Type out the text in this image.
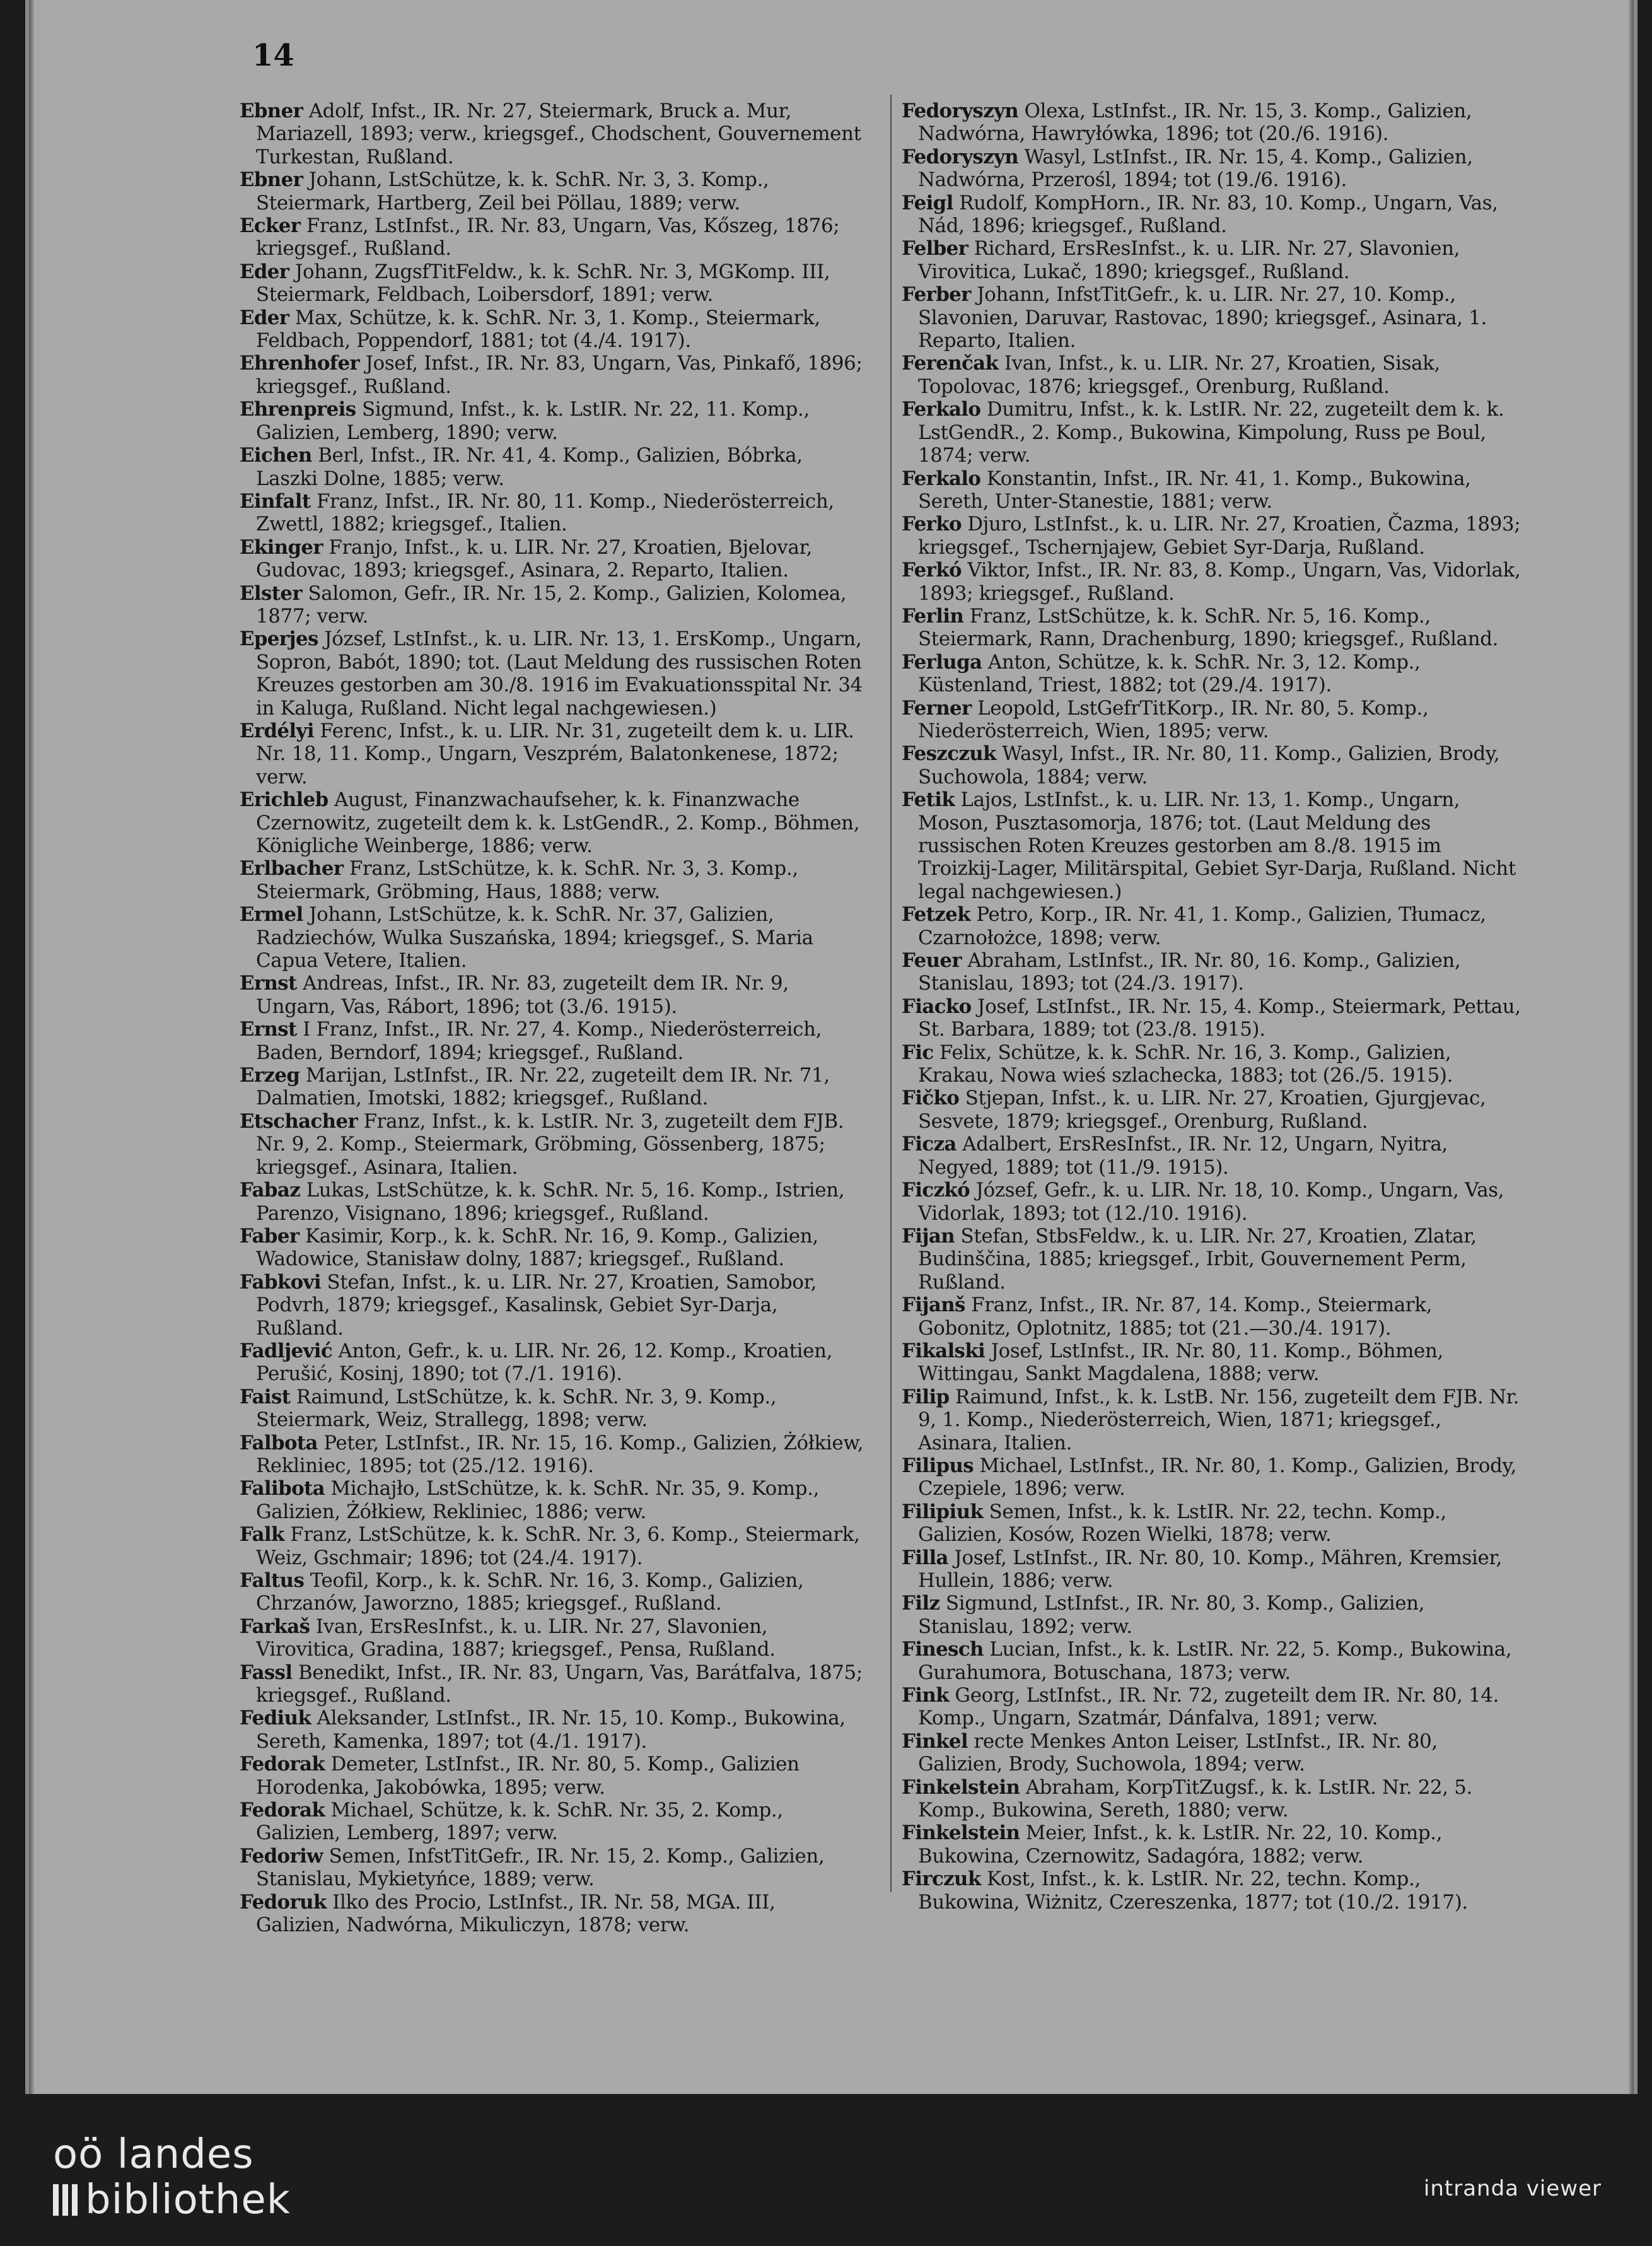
14

Ebner Adolf, Infst., IR. Nr. 27, Steiermark, Bruck a. Mur, Mariazell, 1893; verw., kriegsgef., Chodschent, Gouvernement Turkestan, Rußland.

Ebner Johann, LstSchütze, k. k. SchR. Nr. 3, 3. Komp., Steiermark, Hartberg, Zeil bei Pöllau, 1889; verw.

Ecker Franz, LstInfst., IR. Nr. 83, Ungarn, Vas, Kőszeg, 1876; kriegsgef., Rußland.

Eder Johann, ZugsfTitFeldw., k. k. SchR. Nr. 3, MGKomp. III, Steiermark, Feldbach, Loibersdorf, 1891; verw.

Eder Max, Schütze, k. k. SchR. Nr. 3, 1. Komp., Steiermark, Feldbach, Poppendorf, 1881; tot (4./4. 1917).

Ehrenhofer Josef, Infst., IR. Nr. 83, Ungarn, Vas, Pinkafő, 1896; kriegsgef., Rußland.

Ehrenpreis Sigmund, Infst., k. k. LstIR. Nr. 22, 11. Komp., Galizien, Lemberg, 1890; verw.

Eichen Berl, Infst., IR. Nr. 41, 4. Komp., Galizien, Bóbrka, Laszki Dolne, 1885; verw.

Einfalt Franz, Infst., IR. Nr. 80, 11. Komp., Niederösterreich, Zwettl, 1882; kriegsgef., Italien.

Ekinger Franjo, Infst., k. u. LIR. Nr. 27, Kroatien, Bjelovar, Gudovac, 1893; kriegsgef., Asinara, 2. Reparto, Italien.

Elster Salomon, Gefr., IR. Nr. 15, 2. Komp., Galizien, Kolomea, 1877; verw.

Eperjes József, LstInfst., k. u. LIR. Nr. 13, 1. ErsKomp., Ungarn, Sopron, Babót, 1890; tot. (Laut Meldung des russischen Roten Kreuzes gestorben am 30./8. 1916 im Evakuationsspital Nr. 34 in Kaluga, Rußland. Nicht legal nachgewiesen.)

Erdélyi Ferenc, Infst., k. u. LIR. Nr. 31, zugeteilt dem k. u. LIR. Nr. 18, 11. Komp., Ungarn, Veszprém, Balatonkenese, 1872; verw.

Erichleb August, Finanzwachaufseher, k. k. Finanzwache Czernowitz, zugeteilt dem k. k. LstGendR., 2. Komp., Böhmen, Königliche Weinberge, 1886; verw.

Erlbacher Franz, LstSchütze, k. k. SchR. Nr. 3, 3. Komp., Steiermark, Gröbming, Haus, 1888; verw.

Ermel Johann, LstSchütze, k. k. SchR. Nr. 37, Galizien, Radziechów, Wulka Suszańska, 1894; kriegsgef., S. Maria Capua Vetere, Italien.

Ernst Andreas, Infst., IR. Nr. 83, zugeteilt dem IR. Nr. 9, Ungarn, Vas, Rábort, 1896; tot (3./6. 1915).

Ernst I Franz, Infst., IR. Nr. 27, 4. Komp., Niederösterreich, Baden, Berndorf, 1894; kriegsgef., Rußland.

Erzeg Marijan, LstInfst., IR. Nr. 22, zugeteilt dem IR. Nr. 71, Dalmatien, Imotski, 1882; kriegsgef., Rußland.

Etschacher Franz, Infst., k. k. LstIR. Nr. 3, zugeteilt dem FJB. Nr. 9, 2. Komp., Steiermark, Gröbming, Gössenberg, 1875; kriegsgef., Asinara, Italien.

Fabaz Lukas, LstSchütze, k. k. SchR. Nr. 5, 16. Komp., Istrien, Parenzo, Visignano, 1896; kriegsgef., Rußland.

Faber Kasimir, Korp., k. k. SchR. Nr. 16, 9. Komp., Galizien, Wadowice, Stanisław dolny, 1887; kriegsgef., Rußland.

Fabkovi Stefan, Infst., k. u. LIR. Nr. 27, Kroatien, Samobor, Podvrh, 1879; kriegsgef., Kasalinsk, Gebiet Syr-Darja, Rußland.

Fadljević Anton, Gefr., k. u. LIR. Nr. 26, 12. Komp., Kroatien, Perušić, Kosinj, 1890; tot (7./1. 1916).

Faist Raimund, LstSchütze, k. k. SchR. Nr. 3, 9. Komp., Steiermark, Weiz, Strallegg, 1898; verw.

Falbota Peter, LstInfst., IR. Nr. 15, 16. Komp., Galizien, Żółkiew, Rekliniec, 1895; tot (25./12. 1916).

Falibota Michajło, LstSchütze, k. k. SchR. Nr. 35, 9. Komp., Galizien, Żółkiew, Rekliniec, 1886; verw.

Falk Franz, LstSchütze, k. k. SchR. Nr. 3, 6. Komp., Steiermark, Weiz, Gschmair; 1896; tot (24./4. 1917).

Faltus Teofil, Korp., k. k. SchR. Nr. 16, 3. Komp., Galizien, Chrzanów, Jaworzno, 1885; kriegsgef., Rußland.

Farkaš Ivan, ErsResInfst., k. u. LIR. Nr. 27, Slavonien, Virovitica, Gradina, 1887; kriegsgef., Pensa, Rußland.

Fassl Benedikt, Infst., IR. Nr. 83, Ungarn, Vas, Barátfalva, 1875; kriegsgef., Rußland.

Fediuk Aleksander, LstInfst., IR. Nr. 15, 10. Komp., Bukowina, Sereth, Kamenka, 1897; tot (4./1. 1917).

Fedorak Demeter, LstInfst., IR. Nr. 80, 5. Komp., Galizien Horodenka, Jakobówka, 1895; verw.

Fedorak Michael, Schütze, k. k. SchR. Nr. 35, 2. Komp., Galizien, Lemberg, 1897; verw.

Fedoriw Semen, InfstTitGefr., IR. Nr. 15, 2. Komp., Galizien, Stanislau, Mykietyńce, 1889; verw.

Fedoruk Ilko des Procio, LstInfst., IR. Nr. 58, MGA. III, Galizien, Nadwórna, Mikuliczyn, 1878; verw.

Fedoryszyn Olexa, LstInfst., IR. Nr. 15, 3. Komp., Galizien, Nadwórna, Hawryłówka, 1896; tot (20./6. 1916).

Fedoryszyn Wasyl, LstInfst., IR. Nr. 15, 4. Komp., Galizien, Nadwórna, Przerośl, 1894; tot (19./6. 1916).

Feigl Rudolf, KompHorn., IR. Nr. 83, 10. Komp., Ungarn, Vas, Nád, 1896; kriegsgef., Rußland.

Felber Richard, ErsResInfst., k. u. LIR. Nr. 27, Slavonien, Virovitica, Lukač, 1890; kriegsgef., Rußland.

Ferber Johann, InfstTitGefr., k. u. LIR. Nr. 27, 10. Komp., Slavonien, Daruvar, Rastovac, 1890; kriegsgef., Asinara, 1. Reparto, Italien.

Ferenčak Ivan, Infst., k. u. LIR. Nr. 27, Kroatien, Sisak, Topolovac, 1876; kriegsgef., Orenburg, Rußland.

Ferkalo Dumitru, Infst., k. k. LstIR. Nr. 22, zugeteilt dem k. k. LstGendR., 2. Komp., Bukowina, Kimpolung, Russ pe Boul, 1874; verw.

Ferkalo Konstantin, Infst., IR. Nr. 41, 1. Komp., Bukowina, Sereth, Unter-Stanestie, 1881; verw.

Ferko Djuro, LstInfst., k. u. LIR. Nr. 27, Kroatien, Čazma, 1893; kriegsgef., Tschernjajew, Gebiet Syr-Darja, Rußland.

Ferkó Viktor, Infst., IR. Nr. 83, 8. Komp., Ungarn, Vas, Vidorlak, 1893; kriegsgef., Rußland.

Ferlin Franz, LstSchütze, k. k. SchR. Nr. 5, 16. Komp., Steiermark, Rann, Drachenburg, 1890; kriegsgef., Rußland.

Ferluga Anton, Schütze, k. k. SchR. Nr. 3, 12. Komp., Küstenland, Triest, 1882; tot (29./4. 1917).

Ferner Leopold, LstGefrTitKorp., IR. Nr. 80, 5. Komp., Niederösterreich, Wien, 1895; verw.

Feszczuk Wasyl, Infst., IR. Nr. 80, 11. Komp., Galizien, Brody, Suchowola, 1884; verw.

Fetik Lajos, LstInfst., k. u. LIR. Nr. 13, 1. Komp., Ungarn, Moson, Pusztasomorja, 1876; tot. (Laut Meldung des russischen Roten Kreuzes gestorben am 8./8. 1915 im Troizkij-Lager, Militärspital, Gebiet Syr-Darja, Rußland. Nicht legal nachgewiesen.)

Fetzek Petro, Korp., IR. Nr. 41, 1. Komp., Galizien, Tłumacz, Czarnołożce, 1898; verw.

Feuer Abraham, LstInfst., IR. Nr. 80, 16. Komp., Galizien, Stanislau, 1893; tot (24./3. 1917).

Fiacko Josef, LstInfst., IR. Nr. 15, 4. Komp., Steiermark, Pettau, St. Barbara, 1889; tot (23./8. 1915).

Fic Felix, Schütze, k. k. SchR. Nr. 16, 3. Komp., Galizien, Krakau, Nowa wieś szlachecka, 1883; tot (26./5. 1915).

Fičko Stjepan, Infst., k. u. LIR. Nr. 27, Kroatien, Gjurgjevac, Sesvete, 1879; kriegsgef., Orenburg, Rußland.

Ficza Adalbert, ErsResInfst., IR. Nr. 12, Ungarn, Nyitra, Negyed, 1889; tot (11./9. 1915).

Ficzkó József, Gefr., k. u. LIR. Nr. 18, 10. Komp., Ungarn, Vas, Vidorlak, 1893; tot (12./10. 1916).

Fijan Stefan, StbsFeldw., k. u. LIR. Nr. 27, Kroatien, Zlatar, Budinščina, 1885; kriegsgef., Irbit, Gouvernement Perm, Rußland.

Fijanš Franz, Infst., IR. Nr. 87, 14. Komp., Steiermark, Gobonitz, Oplotnitz, 1885; tot (21.—30./4. 1917).

Fikalski Josef, LstInfst., IR. Nr. 80, 11. Komp., Böhmen, Wittingau, Sankt Magdalena, 1888; verw.

Filip Raimund, Infst., k. k. LstB. Nr. 156, zugeteilt dem FJB. Nr. 9, 1. Komp., Niederösterreich, Wien, 1871; kriegsgef., Asinara, Italien.

Filipus Michael, LstInfst., IR. Nr. 80, 1. Komp., Galizien, Brody, Czepiele, 1896; verw.

Filipiuk Semen, Infst., k. k. LstIR. Nr. 22, techn. Komp., Galizien, Kosów, Rozen Wielki, 1878; verw.

Filla Josef, LstInfst., IR. Nr. 80, 10. Komp., Mähren, Kremsier, Hullein, 1886; verw.

Filz Sigmund, LstInfst., IR. Nr. 80, 3. Komp., Galizien, Stanislau, 1892; verw.

Finesch Lucian, Infst., k. k. LstIR. Nr. 22, 5. Komp., Bukowina, Gurahumora, Botuschana, 1873; verw.

Fink Georg, LstInfst., IR. Nr. 72, zugeteilt dem IR. Nr. 80, 14. Komp., Ungarn, Szatmár, Dánfalva, 1891; verw.

Finkel recte Menkes Anton Leiser, LstInfst., IR. Nr. 80, Galizien, Brody, Suchowola, 1894; verw.

Finkelstein Abraham, KorpTitZugsf., k. k. LstIR. Nr. 22, 5. Komp., Bukowina, Sereth, 1880; verw.

Finkelstein Meier, Infst., k. k. LstIR. Nr. 22, 10. Komp., Bukowina, Czernowitz, Sadagóra, 1882; verw.

Firczuk Kost, Infst., k. k. LstIR. Nr. 22, techn. Komp., Bukowina, Wiżnitz, Czereszenka, 1877; tot (10./2. 1917).

oö landes
bibliothek	intranda viewer
